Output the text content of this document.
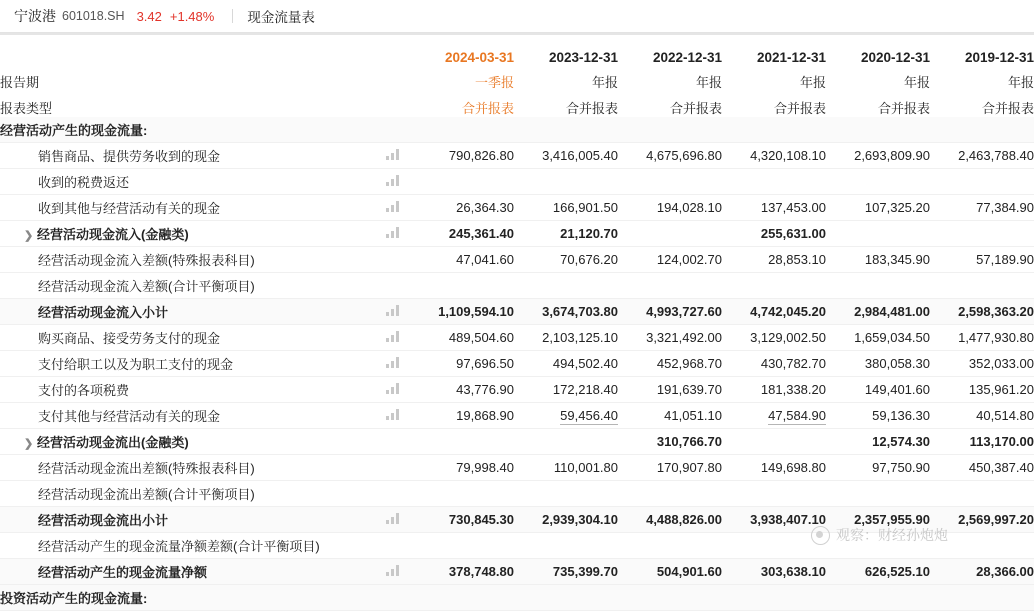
宁波港 601018.SH 3.42 +1.48% 现金流量表
		2024-03-31	2023-12-31	2022-12-31	2021-12-31	2020-12-31	2019-12-31
报告期		一季报	年报	年报	年报	年报	年报
报表类型		合并报表	合并报表	合并报表	合并报表	合并报表	合并报表
经营活动产生的现金流量:							
销售商品、提供劳务收到的现金		790,826.80	3,416,005.40	4,675,696.80	4,320,108.10	2,693,809.90	2,463,788.40
收到的税费返还	

收到其他与经营活动有关的现金		26,364.30	166,901.50	194,028.10	137,453.00	107,325.20	77,384.90
❯ 经营活动现金流入(金融类)		245,361.40	21,120.70		255,631.00		
经营活动现金流入差额(特殊报表科目)		47,041.60	70,676.20	124,002.70	28,853.10	183,345.90	57,189.90
经营活动现金流入差额(合计平衡项目)							
经营活动现金流入小计		1,109,594.10	3,674,703.80	4,993,727.60	4,742,045.20	2,984,481.00	2,598,363.20
购买商品、接受劳务支付的现金		489,504.60	2,103,125.10	3,321,492.00	3,129,002.50	1,659,034.50	1,477,930.80
支付给职工以及为职工支付的现金		97,696.50	494,502.40	452,968.70	430,782.70	380,058.30	352,033.00
支付的各项税费		43,776.90	172,218.40	191,639.70	181,338.20	149,401.60	135,961.20
支付其他与经营活动有关的现金		19,868.90	59,456.40	41,051.10	47,584.90	59,136.30	40,514.80
❯ 经营活动现金流出(金融类)				310,766.70		12,574.30	113,170.00
经营活动现金流出差额(特殊报表科目)		79,998.40	110,001.80	170,907.80	149,698.80	97,750.90	450,387.40
经营活动现金流出差额(合计平衡项目)							
经营活动现金流出小计		730,845.30	2,939,304.10	4,488,826.00	3,938,407.10	2,357,955.90	2,569,997.20
经营活动产生的现金流量净额差额(合计平衡项目)							
经营活动产生的现金流量净额		378,748.80	735,399.70	504,901.60	303,638.10	626,525.10	28,366.00
投资活动产生的现金流量:							
观察：财经孙炮炮
